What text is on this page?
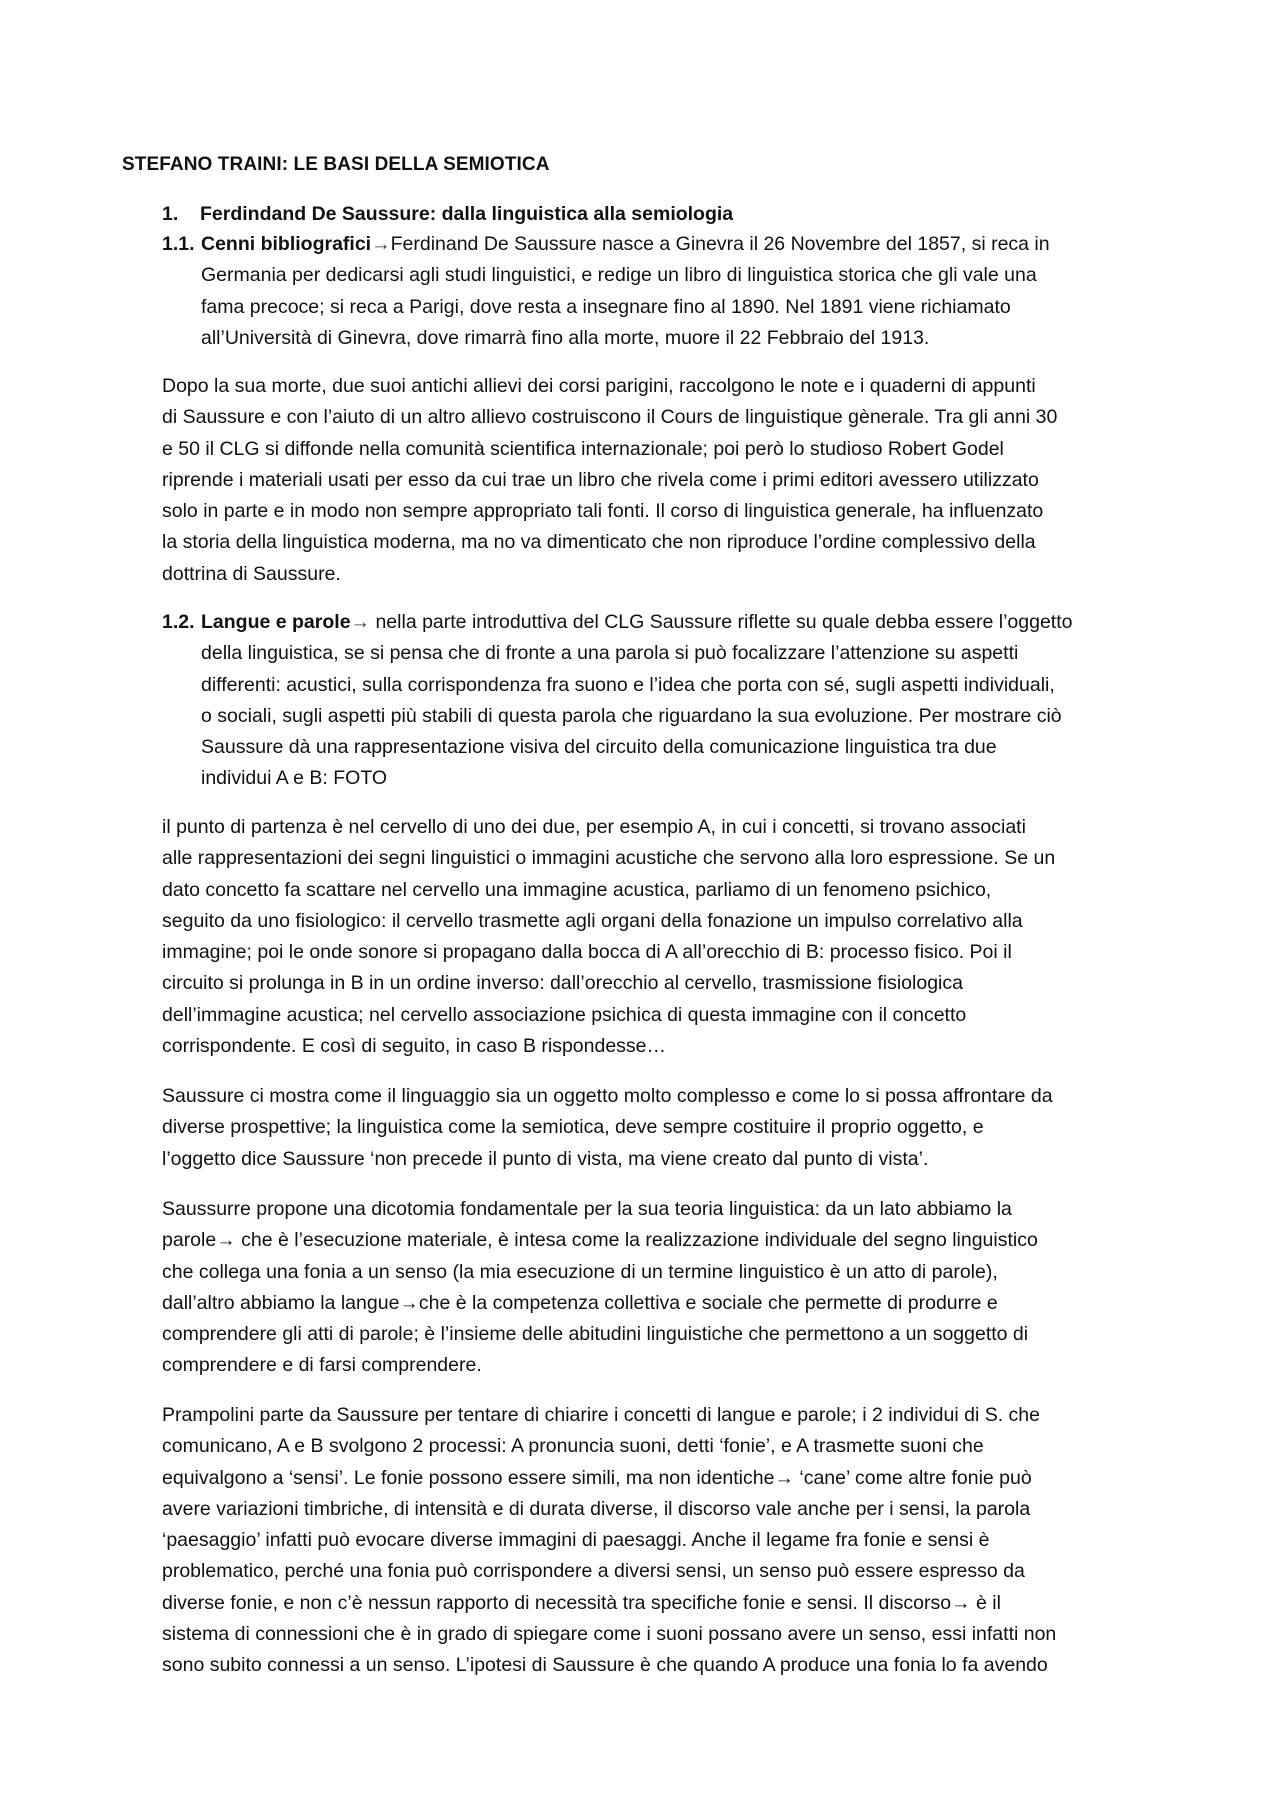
STEFANO TRAINI: LE BASI DELLA SEMIOTICA
1. Ferdindand De Saussure: dalla linguistica alla semiologia
1.1. Cenni bibliografici→Ferdinand De Saussure nasce a Ginevra il 26 Novembre del 1857, si reca in
Germania per dedicarsi agli studi linguistici, e redige un libro di linguistica storica che gli vale una
fama precoce; si reca a Parigi, dove resta a insegnare fino al 1890. Nel 1891 viene richiamato
all’Università di Ginevra, dove rimarrà fino alla morte, muore il 22 Febbraio del 1913.
Dopo la sua morte, due suoi antichi allievi dei corsi parigini, raccolgono le note e i quaderni di appunti
di Saussure e con l’aiuto di un altro allievo costruiscono il Cours de linguistique gènerale. Tra gli anni 30
e 50 il CLG si diffonde nella comunità scientifica internazionale; poi però lo studioso Robert Godel
riprende i materiali usati per esso da cui trae un libro che rivela come i primi editori avessero utilizzato
solo in parte e in modo non sempre appropriato tali fonti. Il corso di linguistica generale, ha influenzato
la storia della linguistica moderna, ma no va dimenticato che non riproduce l’ordine complessivo della
dottrina di Saussure.
1.2. Langue e parole→ nella parte introduttiva del CLG Saussure riflette su quale debba essere l’oggetto
della linguistica, se si pensa che di fronte a una parola si può focalizzare l’attenzione su aspetti
differenti: acustici, sulla corrispondenza fra suono e l’idea che porta con sé, sugli aspetti individuali,
o sociali, sugli aspetti più stabili di questa parola che riguardano la sua evoluzione. Per mostrare ciò
Saussure dà una rappresentazione visiva del circuito della comunicazione linguistica tra due
individui A e B: FOTO
il punto di partenza è nel cervello di uno dei due, per esempio A, in cui i concetti, si trovano associati
alle rappresentazioni dei segni linguistici o immagini acustiche che servono alla loro espressione. Se un
dato concetto fa scattare nel cervello una immagine acustica, parliamo di un fenomeno psichico,
seguito da uno fisiologico: il cervello trasmette agli organi della fonazione un impulso correlativo alla
immagine; poi le onde sonore si propagano dalla bocca di A all’orecchio di B: processo fisico. Poi il
circuito si prolunga in B in un ordine inverso: dall’orecchio al cervello, trasmissione fisiologica
dell’immagine acustica; nel cervello associazione psichica di questa immagine con il concetto
corrispondente. E così di seguito, in caso B rispondesse…
Saussure ci mostra come il linguaggio sia un oggetto molto complesso e come lo si possa affrontare da
diverse prospettive; la linguistica come la semiotica, deve sempre costituire il proprio oggetto, e
l’oggetto dice Saussure ‘non precede il punto di vista, ma viene creato dal punto di vista’.
Saussurre propone una dicotomia fondamentale per la sua teoria linguistica: da un lato abbiamo la
parole→ che è l’esecuzione materiale, è intesa come la realizzazione individuale del segno linguistico
che collega una fonia a un senso (la mia esecuzione di un termine linguistico è un atto di parole),
dall’altro abbiamo la langue→che è la competenza collettiva e sociale che permette di produrre e
comprendere gli atti di parole; è l’insieme delle abitudini linguistiche che permettono a un soggetto di
comprendere e di farsi comprendere.
Prampolini parte da Saussure per tentare di chiarire i concetti di langue e parole; i 2 individui di S. che
comunicano, A e B svolgono 2 processi: A pronuncia suoni, detti ‘fonie’, e A trasmette suoni che
equivalgono a ‘sensi’. Le fonie possono essere simili, ma non identiche→ ‘cane’ come altre fonie può
avere variazioni timbriche, di intensità e di durata diverse, il discorso vale anche per i sensi, la parola
‘paesaggio’ infatti può evocare diverse immagini di paesaggi. Anche il legame fra fonie e sensi è
problematico, perché una fonia può corrispondere a diversi sensi, un senso può essere espresso da
diverse fonie, e non c’è nessun rapporto di necessità tra specifiche fonie e sensi. Il discorso→ è il
sistema di connessioni che è in grado di spiegare come i suoni possano avere un senso, essi infatti non
sono subito connessi a un senso. L’ipotesi di Saussure è che quando A produce una fonia lo fa avendo
